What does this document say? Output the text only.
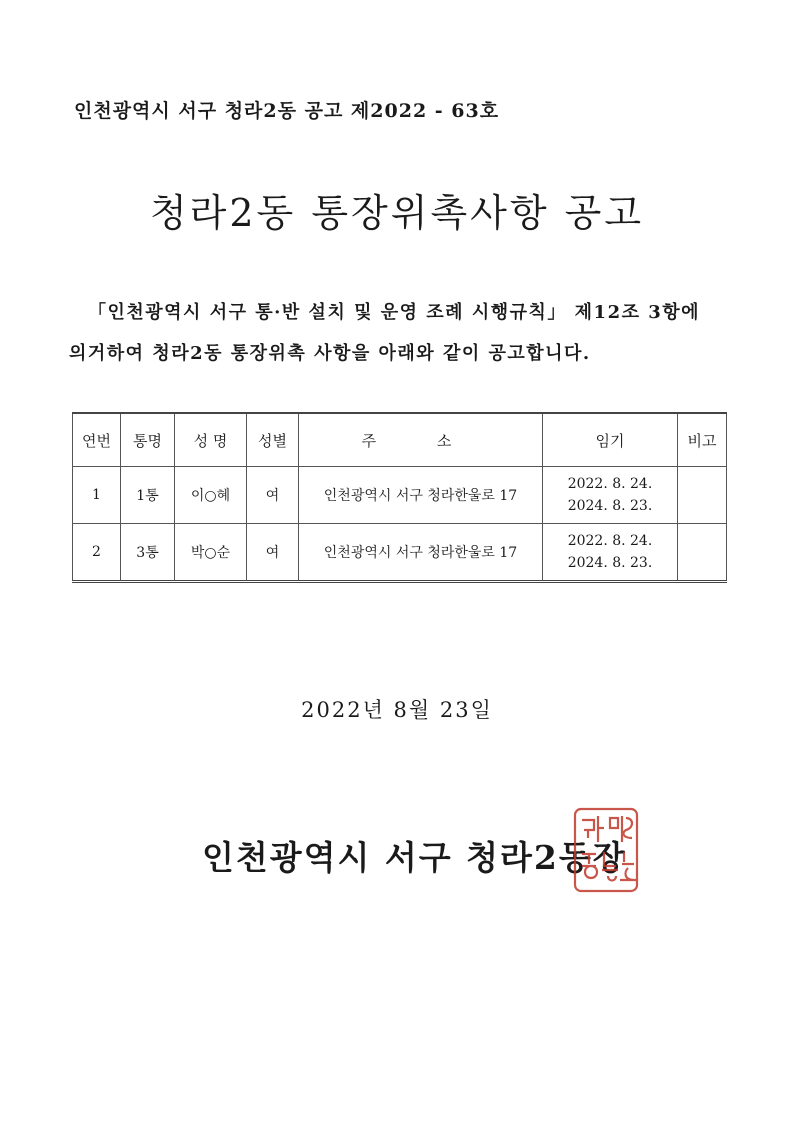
인천광역시 서구 청라2동 공고 제2022 - 63호
청라2동 통장위촉사항 공고
「인천광역시 서구 통·반 설치 및 운영 조례 시행규칙」 제12조 3항에
의거하여 청라2동 통장위촉 사항을 아래와 같이 공고합니다.
연번	통명	성 명	성별	주 소	임기	비고
1	1통	이○혜	여	인천광역시 서구 청라한울로 17	2022. 8. 24.
2024. 8. 23.	

2	3통	박○순	여	인천광역시 서구 청라한울로 17	2022. 8. 24.
2024. 8. 23.	

2022년 8월 23일
인천광역시 서구 청라2동장
